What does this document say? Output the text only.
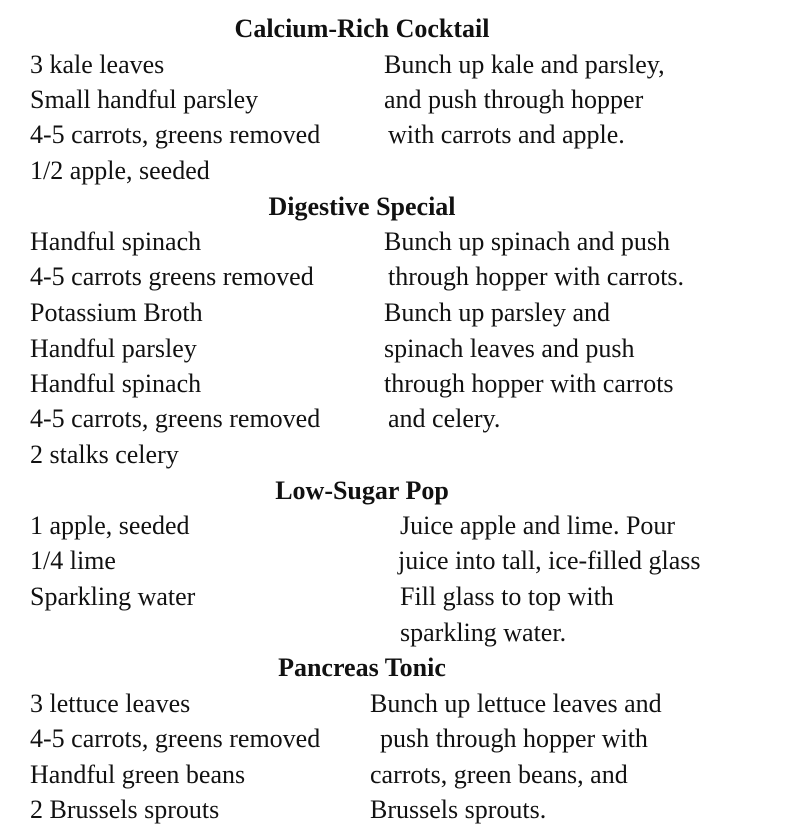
Calcium-Rich Cocktail
3 kale leaves
Small handful parsley
4-5 carrots, greens removed
1/2 apple, seeded
Bunch up kale and parsley,
and push through hopper
with carrots and apple.
Digestive Special
Handful spinach
4-5 carrots greens removed
Potassium Broth
Handful parsley
Handful spinach
4-5 carrots, greens removed
2 stalks celery
Bunch up spinach and push
through hopper with carrots.
Bunch up parsley and
spinach leaves and push
through hopper with carrots
and celery.
Low-Sugar Pop
1 apple, seeded
1/4 lime
Sparkling water
Juice apple and lime. Pour
juice into tall, ice-filled glass
Fill glass to top with
sparkling water.
Pancreas Tonic
3 lettuce leaves
4-5 carrots, greens removed
Handful green beans
2 Brussels sprouts
Bunch up lettuce leaves and
push through hopper with
carrots, green beans, and
Brussels sprouts.
